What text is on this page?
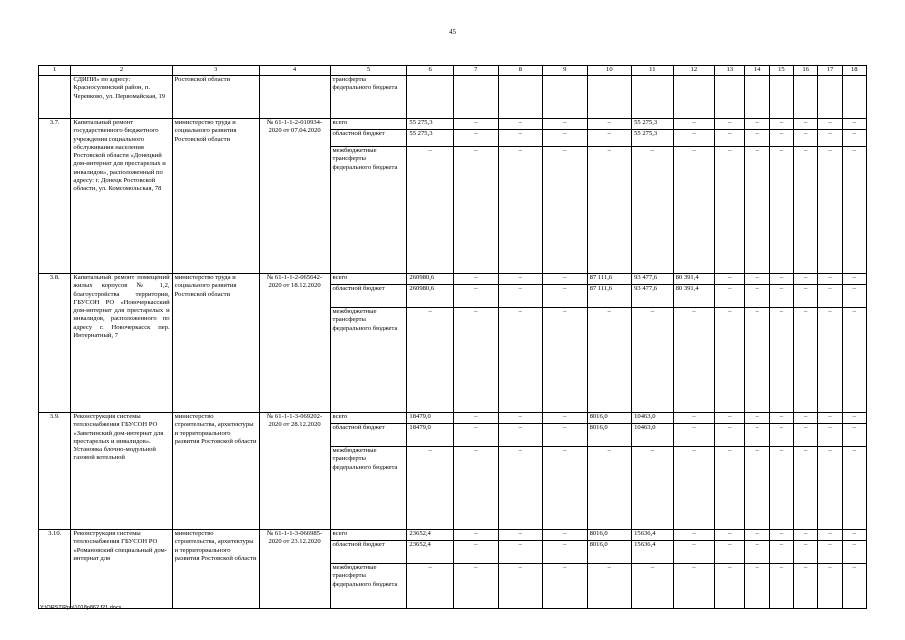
45
1	2	3	4	5	6	7	8	9	10	11	12	13	14	15	16	17	18
	СДИПИ» по адресу: Красносулинский район, п. Черевково, ул. Первомайская, 19	Ростовской области		трансферты федерального бюджета													
3.7.	Капитальный ремонт государственного бюджетного учреждения социального обслуживания населения Ростовской области «Донецкий дом-интернат для престарелых и инвалидов», расположенный по адресу: г. Донецк Ростовской области, ул. Комсомольская, 78	министерство труда и социального развития Ростовской области	№ 61-1-1-2-010934-2020 от 07.04.2020	всего	55 275,3	–	–	–	–	55 275,3	–	–	–	–	–	–	–
				областной бюджет	55 275,3	–	–	–	–	55 275,3	–	–	–	–	–	–	–
				межбюджетные трансферты федерального бюджета	–	–	–	–	–	–	–	–	–	–	–	–	–
3.8.	Капитальный ремонт помещений жилых корпусов № 1,2, благоустройства территории, ГБУСОН РО «Новочеркасский дом-интернат для престарелых и инвалидов, расположенного по адресу г. Новочеркасск пер. Интернатный, 7	министерство труда и социального развития Ростовской области	№ 61-1-1-2-065642-2020 от 18.12.2020	всего	260980,6	–	–	–	87 111,6	93 477,6	80 391,4	–	–	–	–	–	–
				областной бюджет	260980,6	–	–	–	87 111,6	93 477,6	80 391,4	–	–	–	–	–	–
				межбюджетные трансферты федерального бюджета	–	–	–	–	–	–	–	–	–	–	–	–	–
3.9.	Реконструкция системы теплоснабжения ГБУСОН РО «Заветинский дом-интернат для престарелых и инвалидов». Установка блочно-модульной газовой котельной	министерство строительства, архитектуры и территориального развития Ростовской области	№ 61-1-1-3-069202-2020 от 28.12.2020	всего	18479,0	–	–	–	8016,0	10463,0	–	–	–	–	–	–	–
				областной бюджет	18479,0	–	–	–	8016,0	10463,0	–	–	–	–	–	–	–
				межбюджетные трансферты федерального бюджета	–	–	–	–	–	–	–	–	–	–	–	–	–
3.10.	Реконструкция системы теплоснабжения ГБУСОН РО «Романовский специальный дом-интернат для	министерство строительства, архитектуры и территориального развития Ростовской области	№ 61-1-1-3-066985-2020 от 23.12.2020	всего	23652,4	–	–	–	8016,0	15636,4	–	–	–	–	–	–	–
				областной бюджет	23652,4	–	–	–	8016,0	15636,4	–	–	–	–	–	–	–
				межбюджетные трансферты федерального бюджета	–	–	–	–	–	–	–	–	–	–	–	–	–
Y:\ORST\Ppo\1018p862.f21.docx
